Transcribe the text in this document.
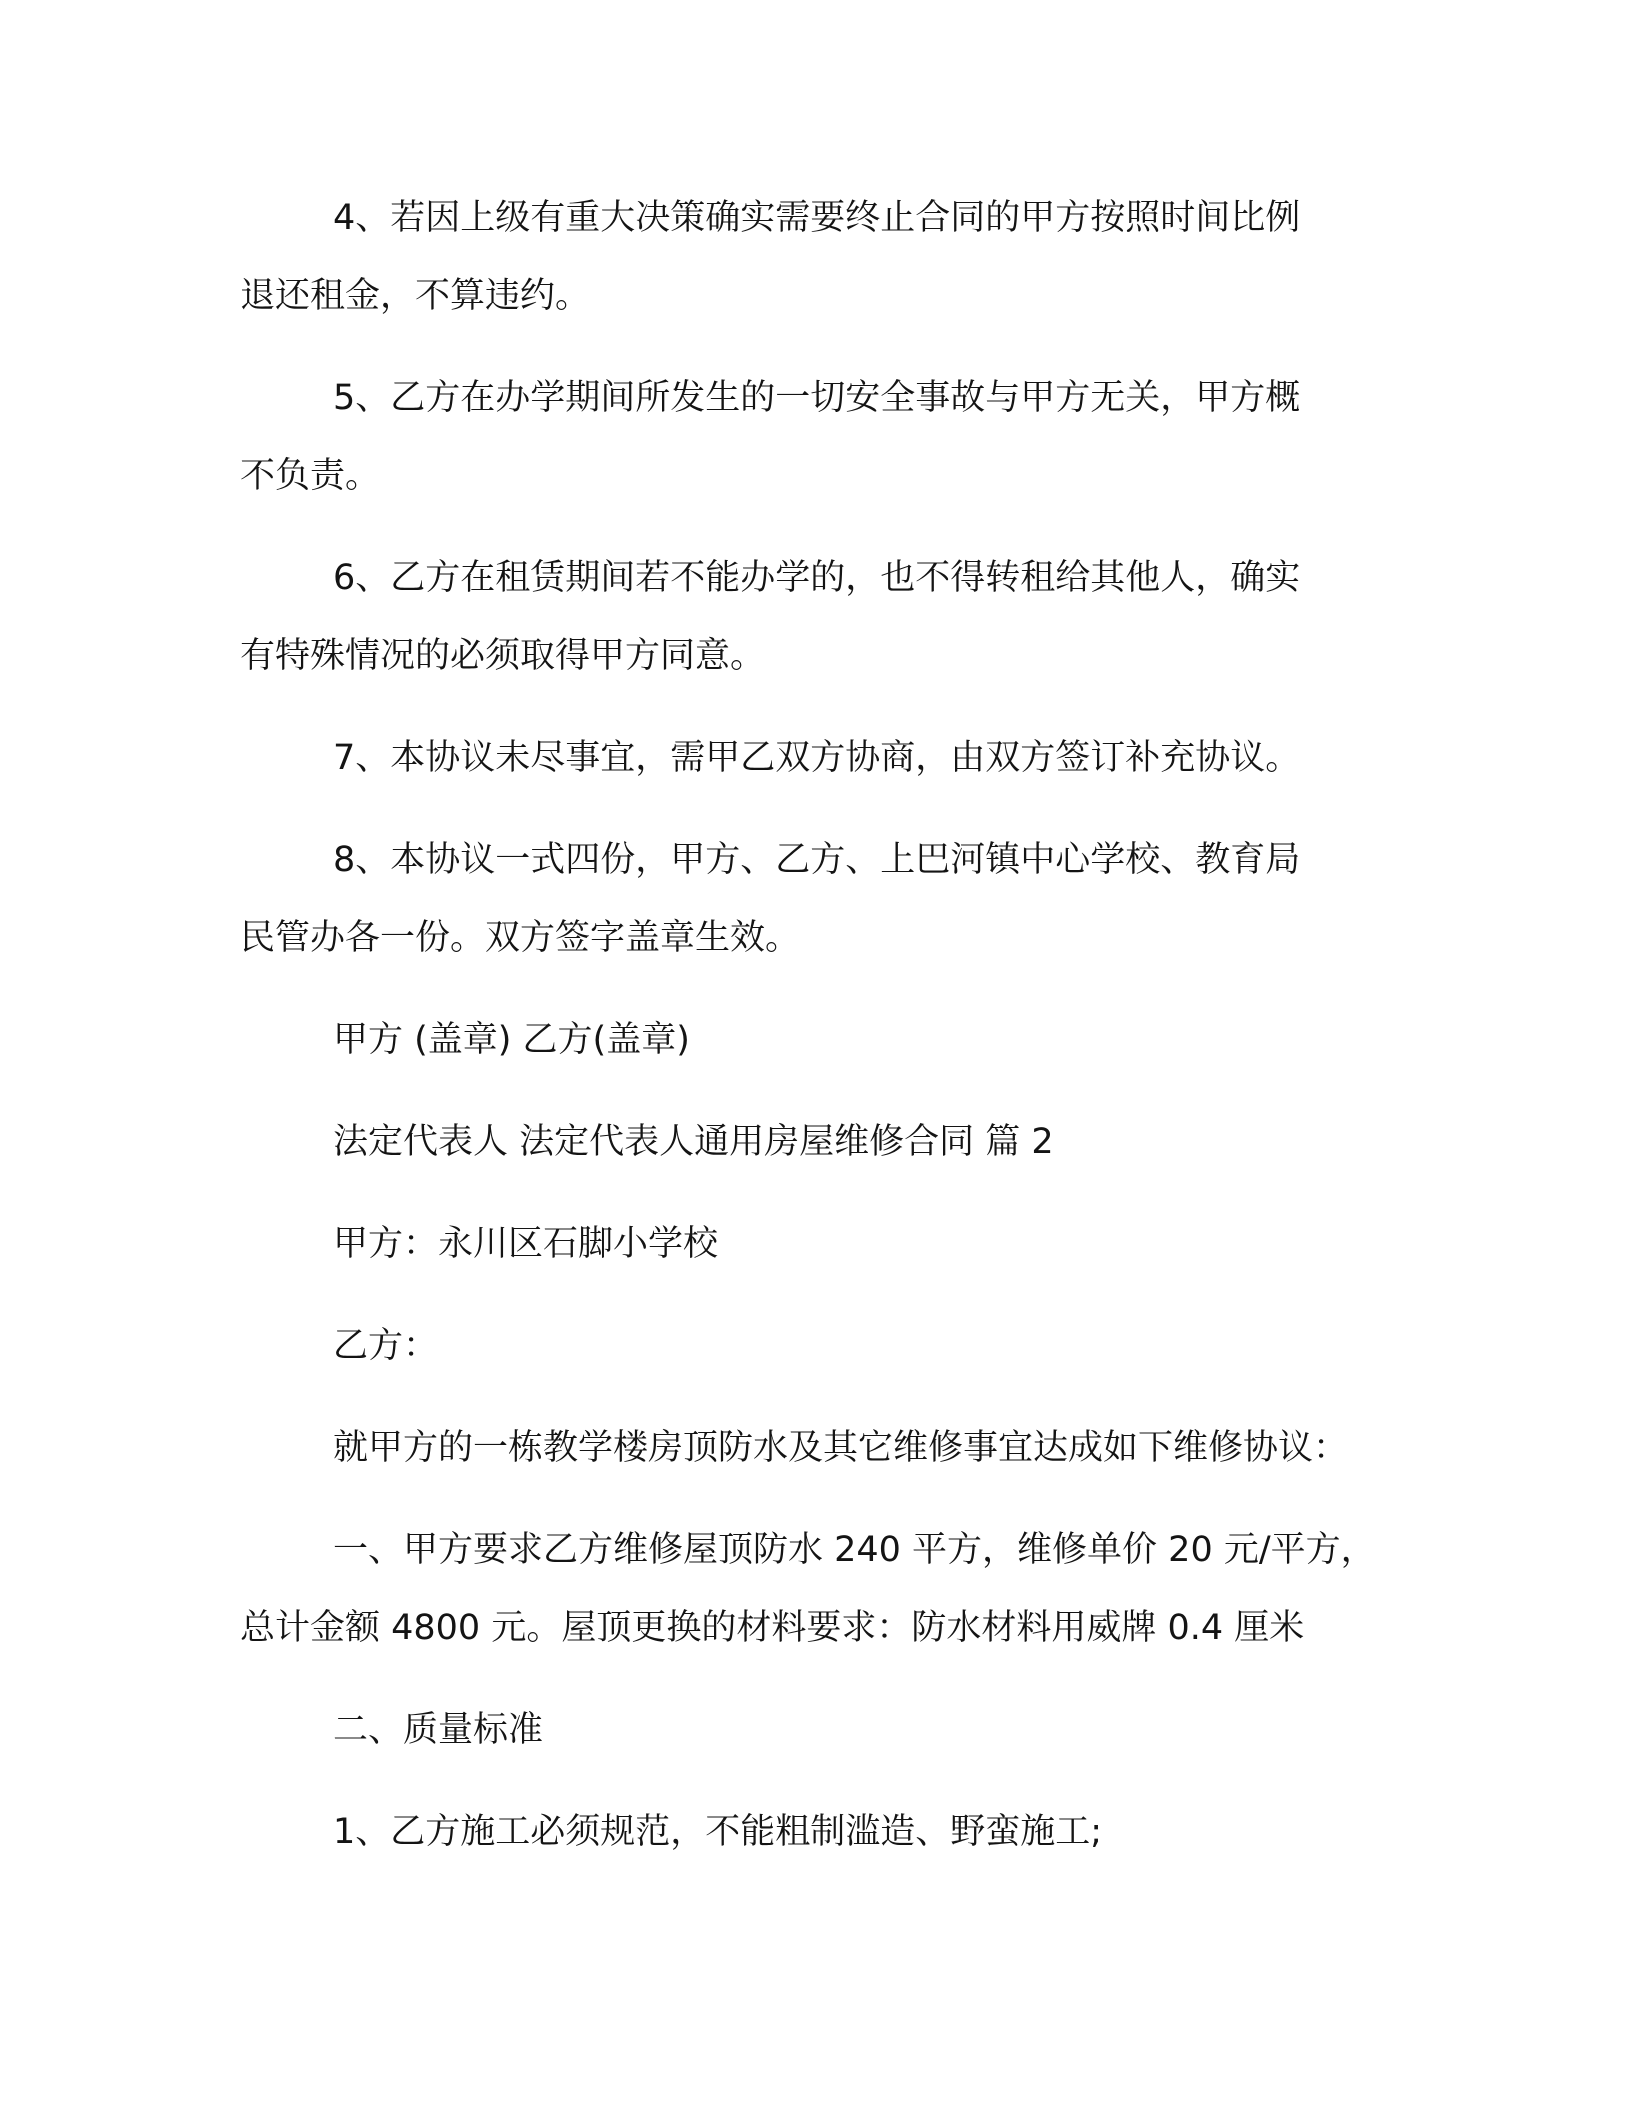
4、若因上级有重大决策确实需要终止合同的甲方按照时间比例
退还租金，不算违约。
5、乙方在办学期间所发生的一切安全事故与甲方无关，甲方概
不负责。
6、乙方在租赁期间若不能办学的，也不得转租给其他人，确实
有特殊情况的必须取得甲方同意。
7、本协议未尽事宜，需甲乙双方协商，由双方签订补充协议。
8、本协议一式四份，甲方、乙方、上巴河镇中心学校、教育局
民管办各一份。双方签字盖章生效。
甲方 (盖章) 乙方(盖章)
法定代表人 法定代表人通用房屋维修合同 篇 2
甲方：永川区石脚小学校
乙方：
就甲方的一栋教学楼房顶防水及其它维修事宜达成如下维修协议：
一、甲方要求乙方维修屋顶防水 240 平方，维修单价 20 元/平方，
总计金额 4800 元。屋顶更换的材料要求：防水材料用威牌 0.4 厘米
二、质量标准
1、乙方施工必须规范，不能粗制滥造、野蛮施工;
